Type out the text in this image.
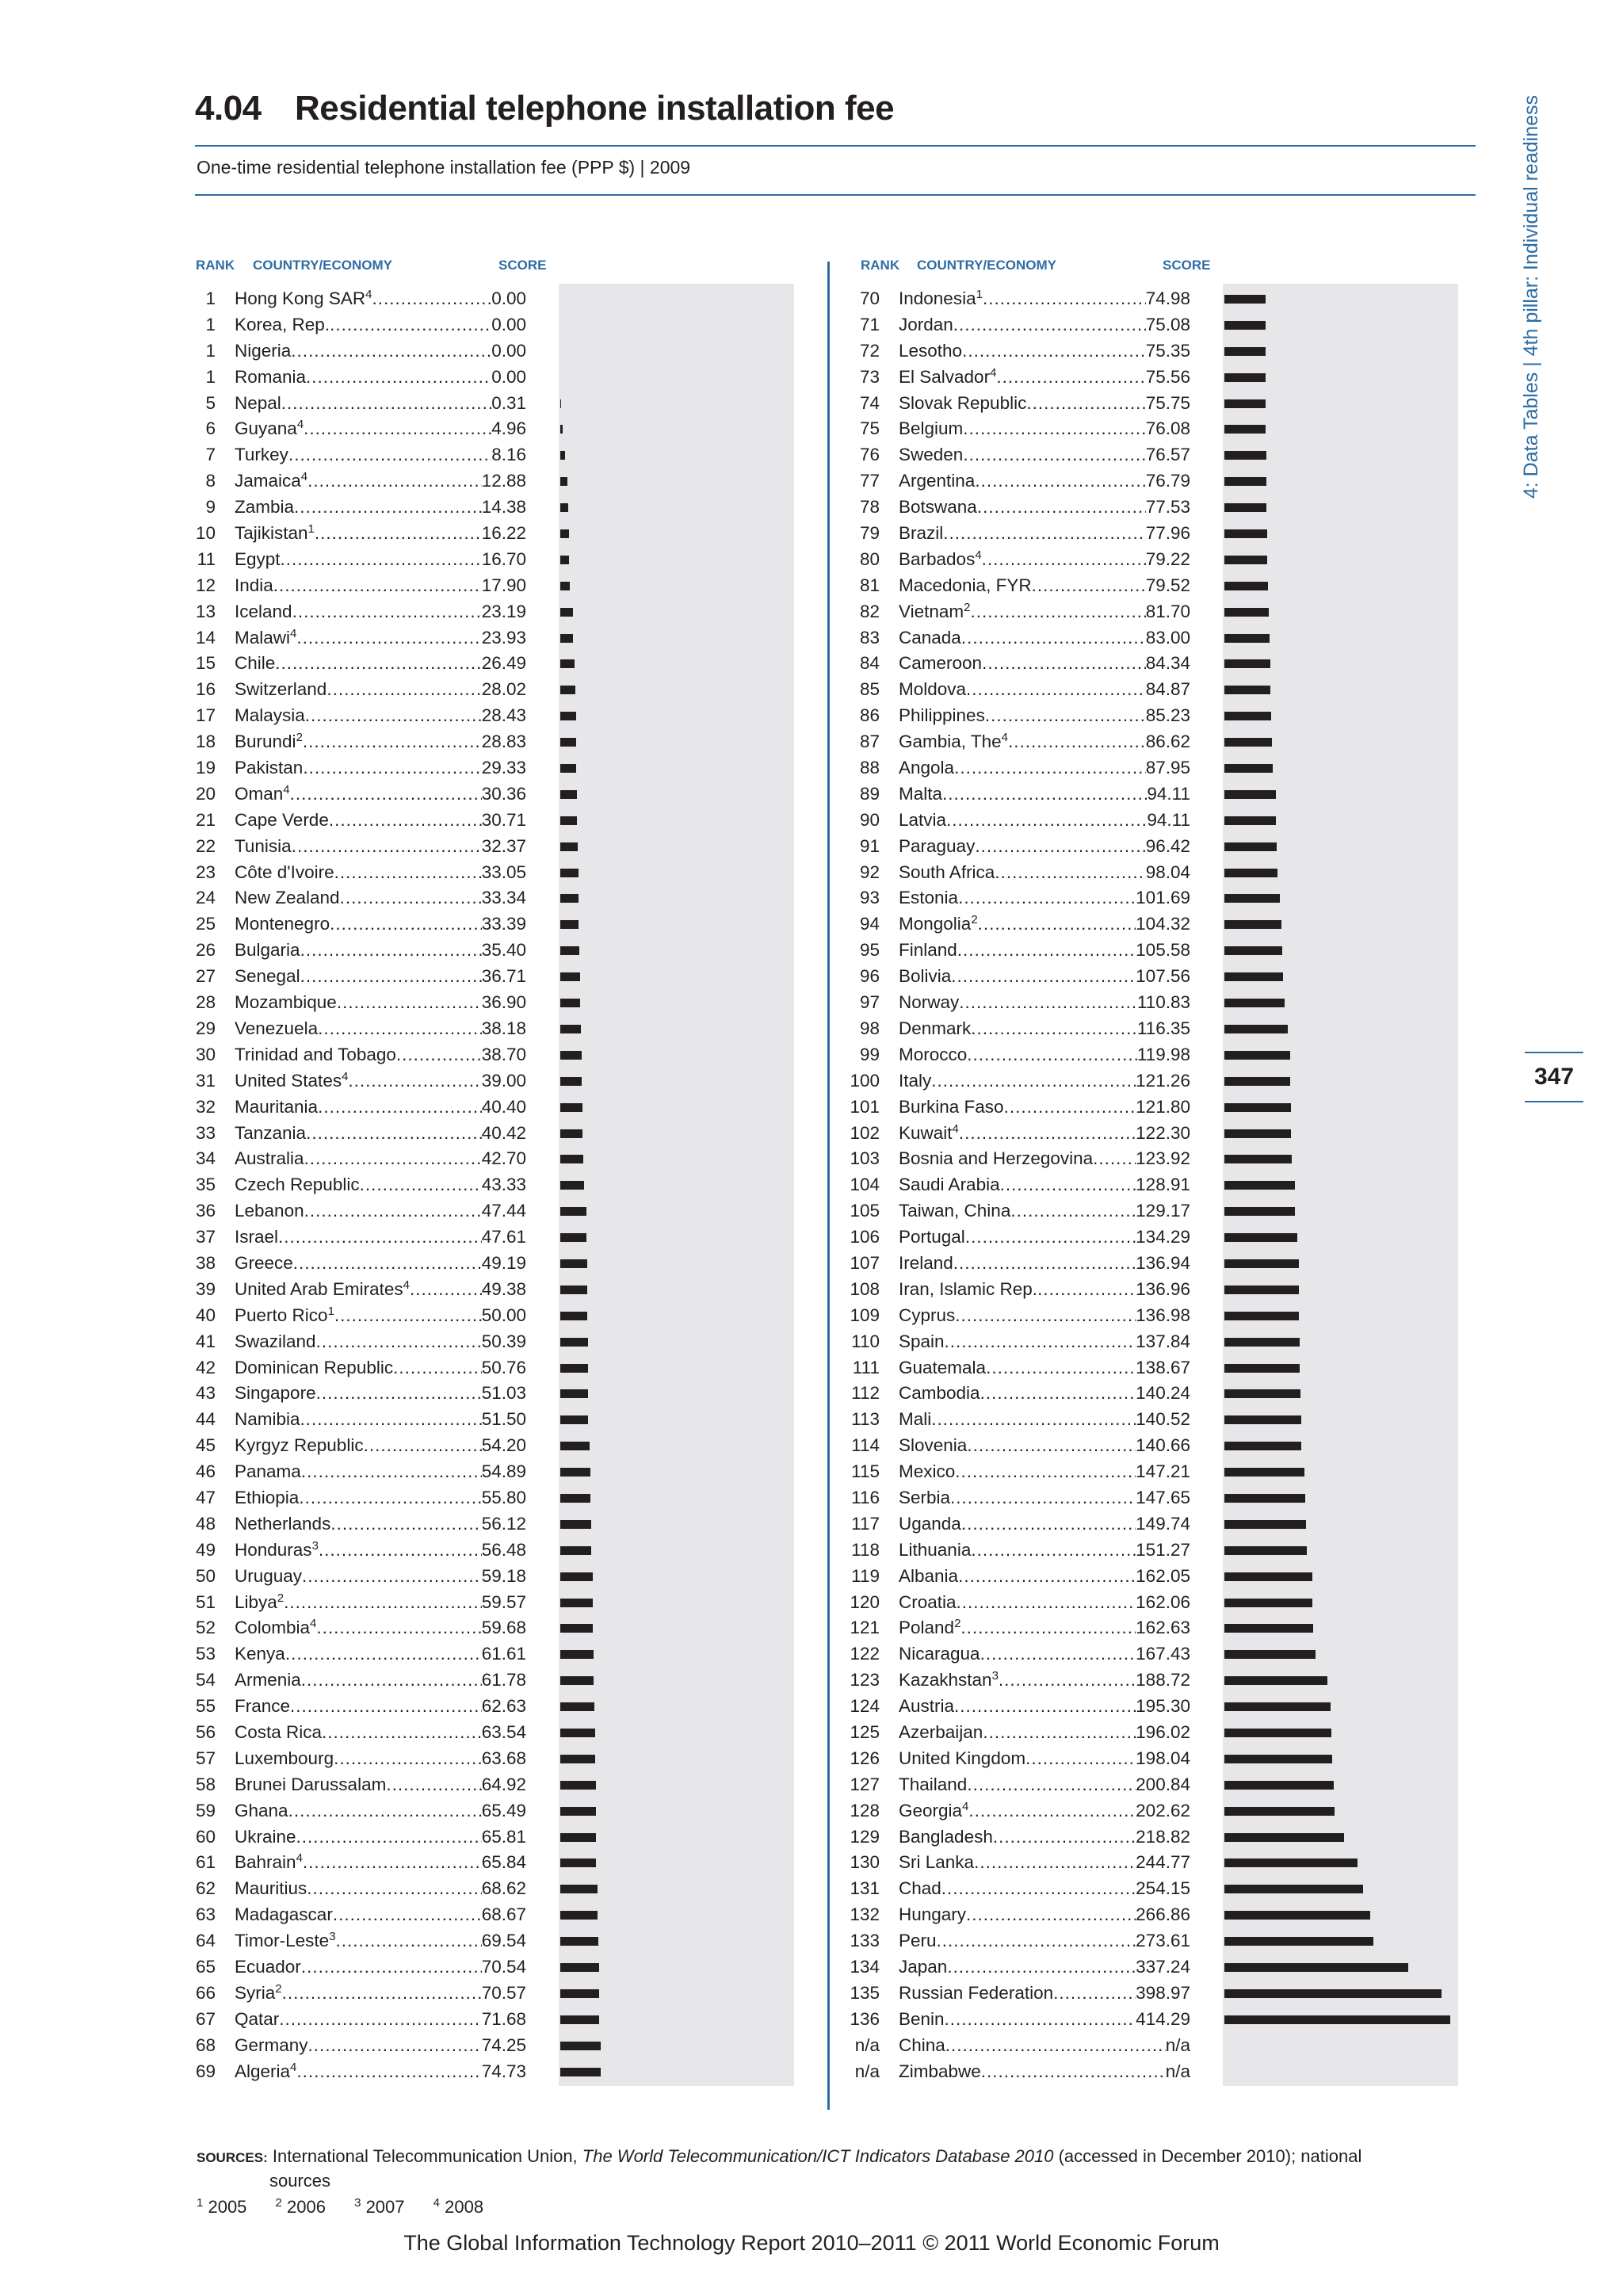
4.04 Residential telephone installation fee
One-time residential telephone installation fee (PPP $) | 2009	4: Data Tables | 4th pillar: Individual readiness
347
RANK COUNTRY/ECONOMY	SCORE	RANK COUNTRY/ECONOMY	SCORE
1 Hong Kong SAR$^4$ .....	0.00
1 Korea, Rep. .....	0.00
1 Nigeria .....	0.00
1 Romania .....	0.00
5 Nepal .....	0.31
6 Guyana$^4$ .....	4.96
7 Turkey .....	8.16
8 Jamaica$^4$ .....	12.88
9 Zambia .....	14.38
10 Tajikistan$^1$ .....	16.22
11 Egypt .....	16.70
12 India .....	17.90
13 Iceland .....	23.19
14 Malawi$^4$ .....	23.93
15 Chile .....	26.49
16 Switzerland .....	28.02
17 Malaysia .....	28.43
18 Burundi$^2$ .....	28.83
19 Pakistan .....	29.33
20 Oman$^4$ .....	30.36
21 Cape Verde .....	30.71
22 Tunisia .....	32.37
23 Côte d'Ivoire .....	33.05
24 New Zealand .....	33.34
25 Montenegro .....	33.39
26 Bulgaria .....	35.40
27 Senegal .....	36.71
28 Mozambique .....	36.90
29 Venezuela .....	38.18
30 Trinidad and Tobago .....	38.70
31 United States$^4$ .....	39.00
32 Mauritania .....	40.40
33 Tanzania .....	40.42
34 Australia .....	42.70
35 Czech Republic .....	43.33
36 Lebanon .....	47.44
37 Israel .....	47.61
38 Greece .....	49.19
39 United Arab Emirates$^4$ .....	49.38
40 Puerto Rico$^1$ .....	50.00
41 Swaziland .....	50.39
42 Dominican Republic .....	50.76
43 Singapore .....	51.03
44 Namibia .....	51.50
45 Kyrgyz Republic .....	54.20
46 Panama .....	54.89
47 Ethiopia .....	55.80
48 Netherlands .....	56.12
49 Honduras$^3$ .....	56.48
50 Uruguay .....	59.18
51 Libya$^2$ .....	59.57
52 Colombia$^4$ .....	59.68
53 Kenya .....	61.61
54 Armenia .....	61.78
55 France .....	62.63
56 Costa Rica .....	63.54
57 Luxembourg .....	63.68
58 Brunei Darussalam .....	64.92
59 Ghana .....	65.49
60 Ukraine .....	65.81
61 Bahrain$^4$ .....	65.84
62 Mauritius .....	68.62
63 Madagascar .....	68.67
64 Timor-Leste$^3$ .....	69.54
65 Ecuador .....	70.54
66 Syria$^2$ .....	70.57
67 Qatar .....	71.68
68 Germany .....	74.25
69 Algeria$^4$ .....	74.73
70 Indonesia$^1$ .....	74.98
71 Jordan .....	75.08
72 Lesotho .....	75.35
73 El Salvador$^4$ .....	75.56
74 Slovak Republic .....	75.75
75 Belgium .....	76.08
76 Sweden .....	76.57
77 Argentina .....	76.79
78 Botswana .....	77.53
79 Brazil .....	77.96
80 Barbados$^4$ .....	79.22
81 Macedonia, FYR .....	79.52
82 Vietnam$^2$ .....	81.70
83 Canada .....	83.00
84 Cameroon .....	84.34
85 Moldova .....	84.87
86 Philippines .....	85.23
87 Gambia, The$^4$ .....	86.62
88 Angola .....	87.95
89 Malta .....	94.11
90 Latvia .....	94.11
91 Paraguay .....	96.42
92 South Africa .....	98.04
93 Estonia .....	101.69
94 Mongolia$^2$ .....	104.32
95 Finland .....	105.58
96 Bolivia .....	107.56
97 Norway .....	110.83
98 Denmark .....	116.35
99 Morocco .....	119.98
100 Italy .....	121.26
101 Burkina Faso .....	121.80
102 Kuwait$^4$ .....	122.30
103 Bosnia and Herzegovina ..... 123.92
104 Saudi Arabia .....	128.91
105 Taiwan, China .....	129.17
106 Portugal .....	134.29
107 Ireland .....	136.94
108 Iran, Islamic Rep. .....	136.96
109 Cyprus .....	136.98
110 Spain .....	137.84
111 Guatemala .....	138.67
112 Cambodia .....	140.24
113 Mali .....	140.52
114 Slovenia .....	140.66
115 Mexico .....	147.21
116 Serbia .....	147.65
117 Uganda .....	149.74
118 Lithuania .....	151.27
119 Albania .....	162.05
120 Croatia .....	162.06
121 Poland$^2$ .....	162.63
122 Nicaragua .....	167.43
123 Kazakhstan$^3$ .....	188.72
124 Austria .....	195.30
125 Azerbaijan .....	196.02
126 United Kingdom .....	198.04
127 Thailand .....	200.84
128 Georgia$^4$ .....	202.62
129 Bangladesh .....	218.82
130 Sri Lanka .....	244.77
131 Chad .....	254.15
132 Hungary .....	266.86
133 Peru .....	273.61
134 Japan .....	337.24
135 Russian Federation .....	398.97
136 Benin .....	414.29
n/a China .....	n/a
n/a Zimbabwe .....	n/a
SOURCES: International Telecommunication Union, The World Telecommunication/ICT Indicators Database 2010 (accessed in December 2010); national
sources
$^1$ 2005 $^2$ 2006 $^3$ 2007 $^4$ 2008
The Global Information Technology Report 2010–2011 © 2011 World Economic Forum
